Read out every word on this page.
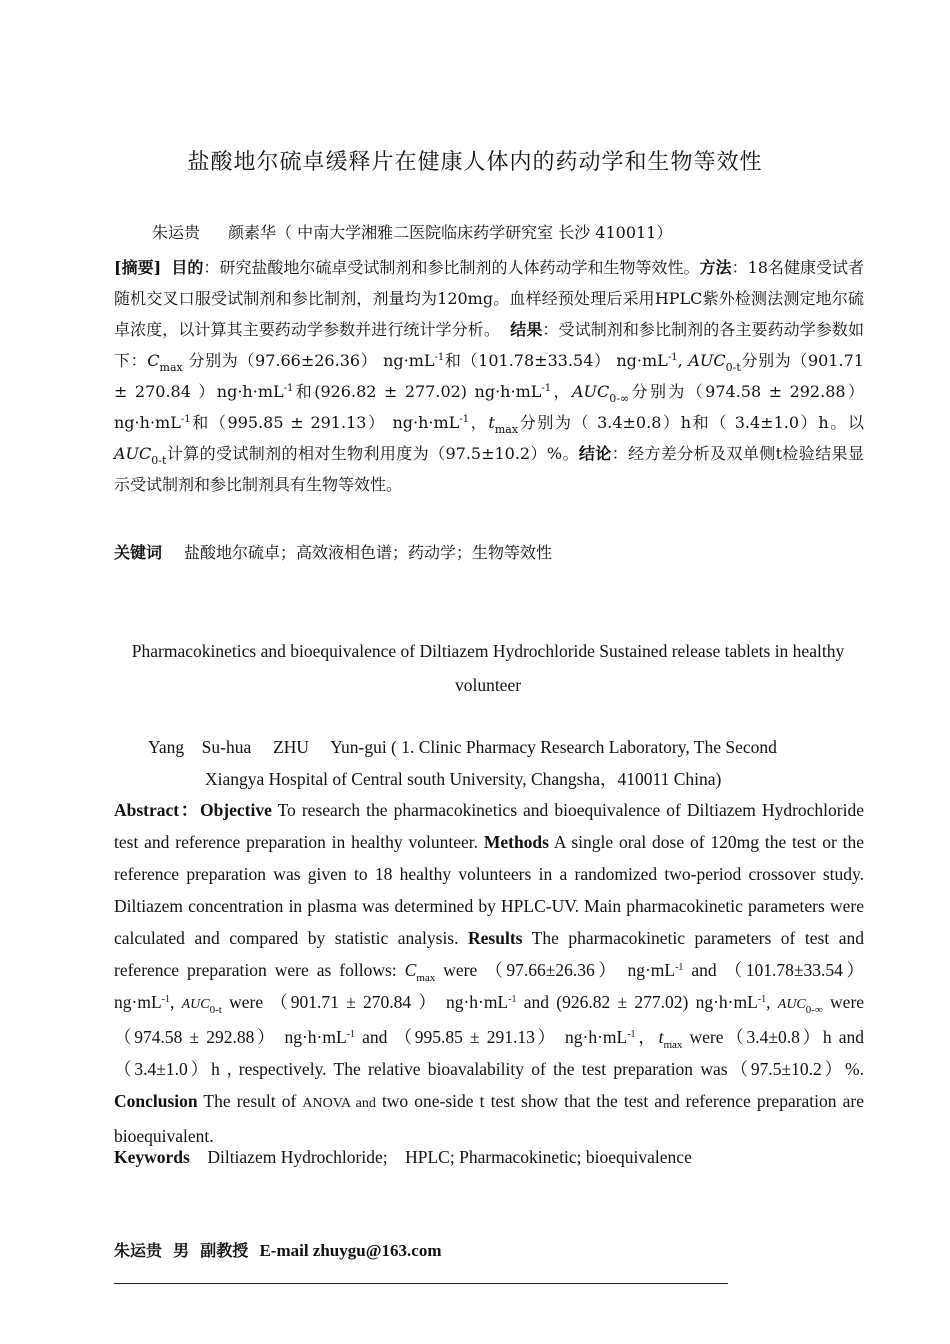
盐酸地尔硫卓缓释片在健康人体内的药动学和生物等效性
朱运贵 颜素华（ 中南大学湘雅二医院临床药学研究室 长沙 410011）
[摘要] 目的：研究盐酸地尔硫卓受试制剂和参比制剂的人体药动学和生物等效性。方法：18名健康受试者随机交叉口服受试制剂和参比制剂，剂量均为120mg。血样经预处理后采用HPLC紫外检测法测定地尔硫卓浓度，以计算其主要药动学参数并进行统计学分析。 结果：受试制剂和参比制剂的各主要药动学参数如下：$C_{max}$ 分别为（97.66±26.36） $ng\cdot mL^{-1}$和（101.78±33.54） $ng\cdot mL^{-1}$, $AUC_{0-t}$分别为（901.71 ± 270.84 ）$ng\cdot h\cdot mL^{-1}$和(926.82 ± 277.02) $ng\cdot h\cdot mL^{-1}$，$AUC_{0-\infty}$分别为（974.58 ± 292.88） $ng\cdot h\cdot mL^{-1}$和（995.85 ± 291.13） $ng\cdot h\cdot mL^{-1}$，$t_{max}$分别为（ 3.4±0.8）h和（ 3.4±1.0）h。以$AUC_{0-t}$计算的受试制剂的相对生物利用度为（97.5±10.2）%。结论：经方差分析及双单侧t检验结果显示受试制剂和参比制剂具有生物等效性。
关键词 盐酸地尔硫卓；高效液相色谱；药动学；生物等效性
Pharmacokinetics and bioequivalence of Diltiazem Hydrochloride Sustained release tablets in healthy volunteer
Yang    Su-hua     ZHU     Yun-gui ( 1. Clinic Pharmacy Research Laboratory, The Second
Xiangya Hospital of Central south University, Changsha，410011 China)
Abstract：Objective To research the pharmacokinetics and bioequivalence of Diltiazem Hydrochloride test and reference preparation in healthy volunteer. Methods A single oral dose of 120mg the test or the reference preparation was given to 18 healthy volunteers in a randomized two-period crossover study. Diltiazem concentration in plasma was determined by HPLC-UV. Main pharmacokinetic parameters were calculated and compared by statistic analysis. Results The pharmacokinetic parameters of test and reference preparation were as follows: $C_{max}$ were （97.66±26.36） $ng\cdot mL^{-1}$ and （101.78±33.54） $ng\cdot mL^{-1}$, $AUC_{0-t}$ were （901.71 ± 270.84 ） $ng\cdot h\cdot mL^{-1}$ and (926.82 ± 277.02) $ng\cdot h\cdot mL^{-1}$, $AUC_{0-\infty}$ were（974.58 ± 292.88） $ng\cdot h\cdot mL^{-1}$ and （995.85 ± 291.13） $ng\cdot h\cdot mL^{-1}$，$t_{max}$ were（3.4±0.8）h and （3.4±1.0）h , respectively. The relative bioavalability of the test preparation was（97.5±10.2）%. Conclusion The result of ANOVA and two one-side t test show that the test and reference preparation are bioequivalent.
Keywords Diltiazem Hydrochloride;    HPLC; Pharmacokinetic; bioequivalence
朱运贵  男  副教授 E-mail zhuygu@163.com
